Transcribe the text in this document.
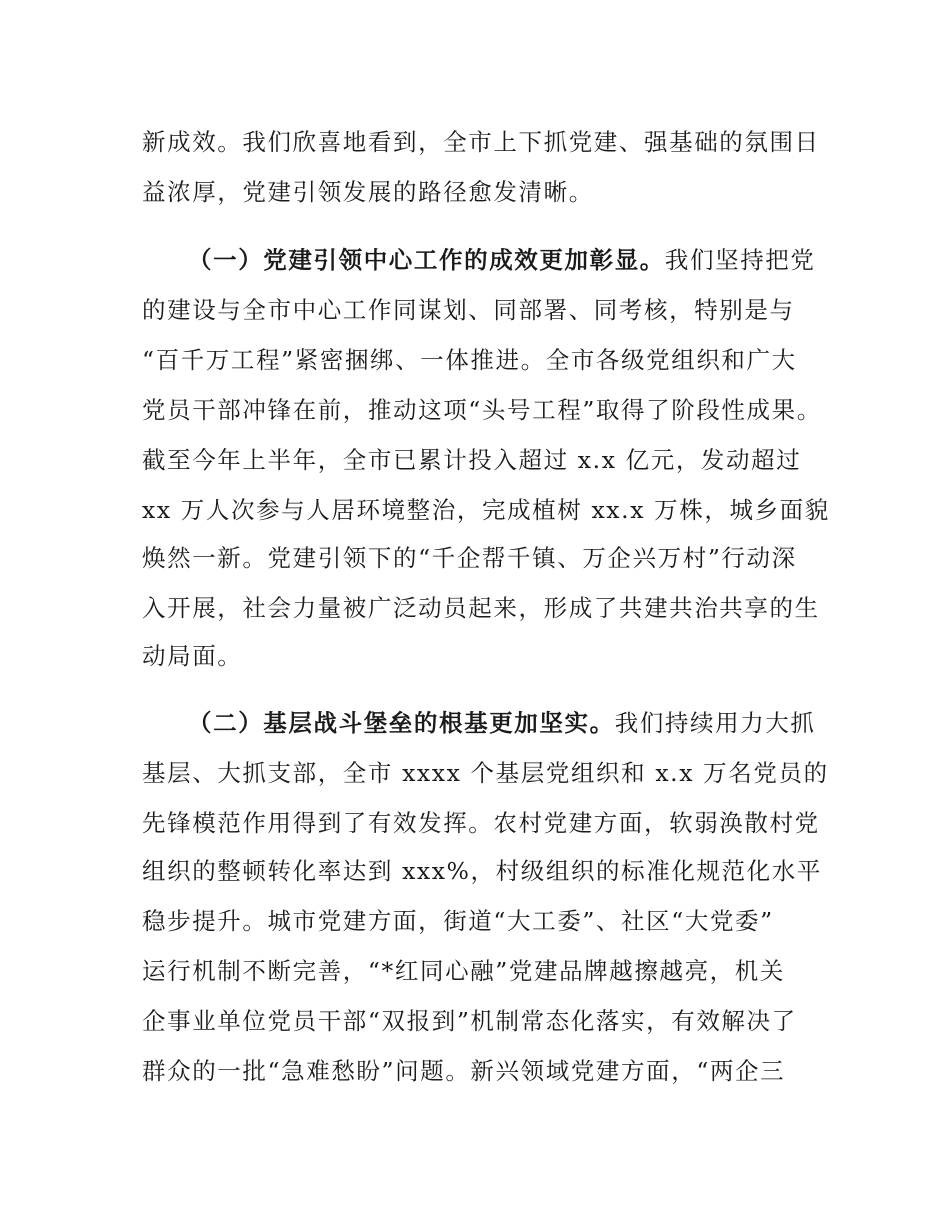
新成效。我们欣喜地看到，全市上下抓党建、强基础的氛围日
益浓厚，党建引领发展的路径愈发清晰。
（一）党建引领中心工作的成效更加彰显。我们坚持把党
的建设与全市中心工作同谋划、同部署、同考核，特别是与
“百千万工程”紧密捆绑、一体推进。全市各级党组织和广大
党员干部冲锋在前，推动这项“头号工程”取得了阶段性成果。
截至今年上半年，全市已累计投入超过 x.x 亿元，发动超过
xx 万人次参与人居环境整治，完成植树 xx.x 万株，城乡面貌
焕然一新。党建引领下的“千企帮千镇、万企兴万村”行动深
入开展，社会力量被广泛动员起来，形成了共建共治共享的生
动局面。
（二）基层战斗堡垒的根基更加坚实。我们持续用力大抓
基层、大抓支部，全市 xxxx 个基层党组织和 x.x 万名党员的
先锋模范作用得到了有效发挥。农村党建方面，软弱涣散村党
组织的整顿转化率达到 xxx%，村级组织的标准化规范化水平
稳步提升。城市党建方面，街道“大工委”、社区“大党委”
运行机制不断完善，“*红同心融”党建品牌越擦越亮，机关
企事业单位党员干部“双报到”机制常态化落实，有效解决了
群众的一批“急难愁盼”问题。新兴领域党建方面，“两企三
